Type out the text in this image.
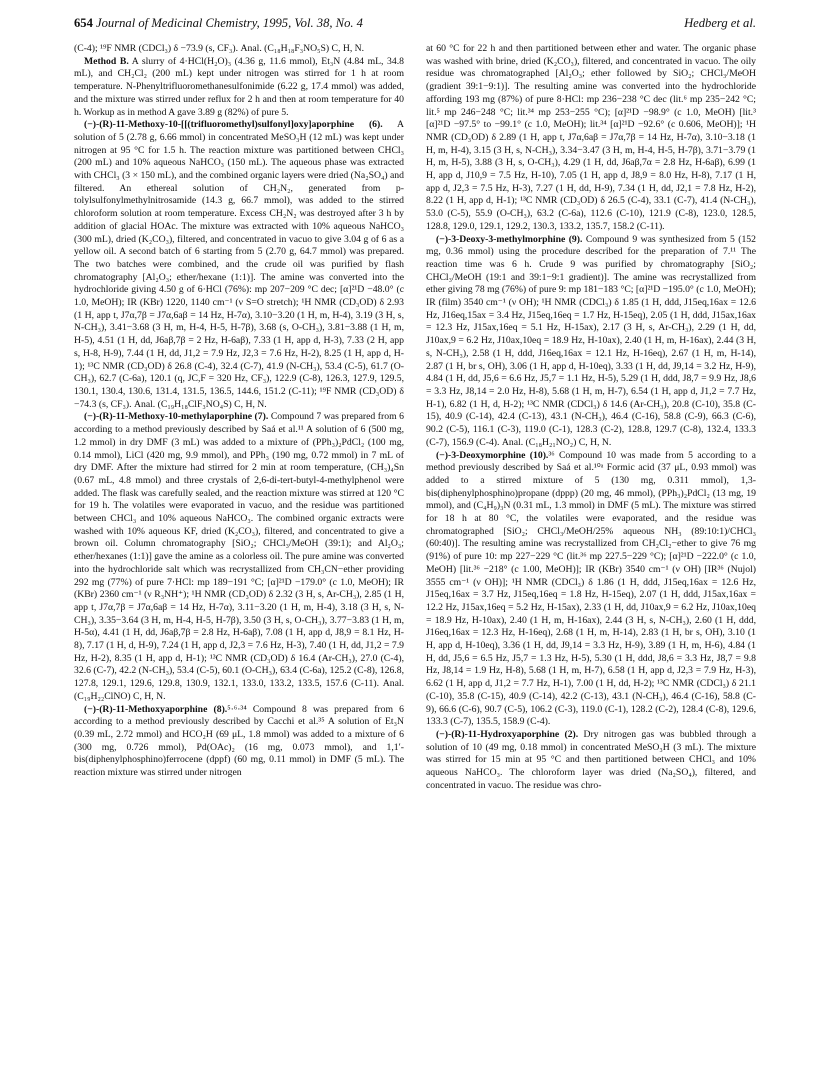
654 Journal of Medicinal Chemistry, 1995, Vol. 38, No. 4	Hedberg et al.

(C-4); ¹⁹F NMR (CDCl₃) δ −73.9 (s, CF₃). Anal. (C₁₈H₁₈F₃NO₅S) C, H, N.

Method B. A slurry of 4·HCl(H₂O)₃ (4.36 g, 11.6 mmol), Et₃N (4.84 mL, 34.8 mL), and CH₂Cl₂ (200 mL) kept under nitrogen was stirred for 1 h at room temperature. N-Phenyltrifluoromethanesulfonimide (6.22 g, 17.4 mmol) was added, and the mixture was stirred under reflux for 2 h and then at room temperature for 40 h. Workup as in method A gave 3.89 g (82%) of pure 5.

(−)-(R)-11-Methoxy-10-[[(trifluoromethyl)sulfonyl]oxy]aporphine (6). A solution of 5 (2.78 g, 6.66 mmol) in concentrated MeSO₃H (12 mL) was kept under nitrogen at 95 °C for 1.5 h. The reaction mixture was partitioned between CHCl₃ (200 mL) and 10% aqueous NaHCO₃ (150 mL). The aqueous phase was extracted with CHCl₃ (3 × 150 mL), and the combined organic layers were dried (Na₂SO₄) and filtered. An ethereal solution of CH₂N₂, generated from p-tolylsulfonylmethylnitrosamide (14.3 g, 66.7 mmol), was added to the stirred chloroform solution at room temperature. Excess CH₂N₂ was destroyed after 3 h by addition of glacial HOAc. The mixture was extracted with 10% aqueous NaHCO₃ (300 mL), dried (K₂CO₃), filtered, and concentrated in vacuo to give 3.04 g of 6 as a yellow oil. A second batch of 6 starting from 5 (2.70 g, 64.7 mmol) was prepared. The two batches were combined, and the crude oil was purified by flash chromatography [Al₂O₃; ether/hexane (1:1)]. The amine was converted into the hydrochloride giving 4.50 g of 6·HCl (76%): mp 207−209 °C dec; [α]²¹D −48.0° (c 1.0, MeOH); IR (KBr) 1220, 1140 cm⁻¹ (ν S=O stretch); ¹H NMR (CD₃OD) δ 2.93 (1 H, app t, J7α,7β = J7α,6aβ = 14 Hz, H-7α), 3.10−3.20 (1 H, m, H-4), 3.19 (3 H, s, N-CH₃), 3.41−3.68 (3 H, m, H-4, H-5, H-7β), 3.68 (s, O-CH₃), 3.81−3.88 (1 H, m, H-5), 4.51 (1 H, dd, J6aβ,7β = 2 Hz, H-6aβ), 7.33 (1 H, app d, H-3), 7.33 (2 H, app s, H-8, H-9), 7.44 (1 H, dd, J1,2 = 7.9 Hz, J2,3 = 7.6 Hz, H-2), 8.25 (1 H, app d, H-1); ¹³C NMR (CD₃OD) δ 26.8 (C-4), 32.4 (C-7), 41.9 (N-CH₃), 53.4 (C-5), 61.7 (O-CH₃), 62.7 (C-6a), 120.1 (q, JC,F = 320 Hz, CF₃), 122.9 (C-8), 126.3, 127.9, 129.5, 130.1, 130.4, 130.6, 131.4, 131.5, 136.5, 144.6, 151.2 (C-11); ¹⁹F NMR (CD₃OD) δ −74.3 (s, CF₃). Anal. (C₁₉H₁₈ClF₃NO₄S) C, H, N.

(−)-(R)-11-Methoxy-10-methylaporphine (7). Compound 7 was prepared from 6 according to a method previously described by Saá et al.¹¹ A solution of 6 (500 mg, 1.2 mmol) in dry DMF (3 mL) was added to a mixture of (PPh₃)₂PdCl₂ (100 mg, 0.14 mmol), LiCl (420 mg, 9.9 mmol), and PPh₃ (190 mg, 0.72 mmol) in 7 mL of dry DMF. After the mixture had stirred for 2 min at room temperature, (CH₃)₄Sn (0.67 mL, 4.8 mmol) and three crystals of 2,6-di-tert-butyl-4-methylphenol were added. The flask was carefully sealed, and the reaction mixture was stirred at 120 °C for 19 h. The volatiles were evaporated in vacuo, and the residue was partitioned between CHCl₃ and 10% aqueous NaHCO₃. The combined organic extracts were washed with 10% aqueous KF, dried (K₂CO₃), filtered, and concentrated to give a brown oil. Column chromatography [SiO₂; CHCl₃/MeOH (39:1); and Al₂O₃; ether/hexanes (1:1)] gave the amine as a colorless oil. The pure amine was converted into the hydrochloride salt which was recrystallized from CH₃CN−ether providing 292 mg (77%) of pure 7·HCl: mp 189−191 °C; [α]²¹D −179.0° (c 1.0, MeOH); IR (KBr) 2360 cm⁻¹ (ν R₃NH⁺); ¹H NMR (CD₃OD) δ 2.32 (3 H, s, Ar-CH₃), 2.85 (1 H, app t, J7α,7β = J7α,6aβ = 14 Hz, H-7α), 3.11−3.20 (1 H, m, H-4), 3.18 (3 H, s, N-CH₃), 3.35−3.64 (3 H, m, H-4, H-5, H-7β), 3.50 (3 H, s, O-CH₃), 3.77−3.83 (1 H, m, H-5α), 4.41 (1 H, dd, J6aβ,7β = 2.8 Hz, H-6aβ), 7.08 (1 H, app d, J8,9 = 8.1 Hz, H-8), 7.17 (1 H, d, H-9), 7.24 (1 H, app d, J2,3 = 7.6 Hz, H-3), 7.40 (1 H, dd, J1,2 = 7.9 Hz, H-2), 8.35 (1 H, app d, H-1); ¹³C NMR (CD₃OD) δ 16.4 (Ar-CH₃), 27.0 (C-4), 32.6 (C-7), 42.2 (N-CH₃), 53.4 (C-5), 60.1 (O-CH₃), 63.4 (C-6a), 125.2 (C-8), 126.8, 127.8, 129.1, 129.6, 129.8, 130.9, 132.1, 133.0, 133.2, 133.5, 157.6 (C-11). Anal. (C₁₉H₂₂ClNO) C, H, N.

(−)-(R)-11-Methoxyaporphine (8).⁵·⁶·³⁴ Compound 8 was prepared from 6 according to a method previously described by Cacchi et al.³⁵ A solution of Et₃N (0.39 mL, 2.72 mmol) and HCO₂H (69 μL, 1.8 mmol) was added to a mixture of 6 (300 mg, 0.726 mmol), Pd(OAc)₂ (16 mg, 0.073 mmol), and 1,1′-bis(diphenylphosphino)ferrocene (dppf) (60 mg, 0.11 mmol) in DMF (5 mL). The reaction mixture was stirred under nitrogen

at 60 °C for 22 h and then partitioned between ether and water. The organic phase was washed with brine, dried (K₂CO₃), filtered, and concentrated in vacuo. The oily residue was chromatographed [Al₂O₃; ether followed by SiO₂; CHCl₃/MeOH (gradient 39:1−9:1)]. The resulting amine was converted into the hydrochloride affording 193 mg (87%) of pure 8·HCl: mp 236−238 °C dec (lit.⁶ mp 235−242 °C; lit.⁵ mp 246−248 °C; lit.³⁴ mp 253−255 °C); [α]²¹D −98.9° (c 1.0, MeOH) [lit.³ [α]²¹D −97.5° to −99.1° (c 1.0, MeOH); lit.³⁴ [α]²¹D −92.6° (c 0.606, MeOH)]; ¹H NMR (CD₃OD) δ 2.89 (1 H, app t, J7α,6aβ = J7α,7β = 14 Hz, H-7α), 3.10−3.18 (1 H, m, H-4), 3.15 (3 H, s, N-CH₃), 3.34−3.47 (3 H, m, H-4, H-5, H-7β), 3.71−3.79 (1 H, m, H-5), 3.88 (3 H, s, O-CH₃), 4.29 (1 H, dd, J6aβ,7α = 2.8 Hz, H-6aβ), 6.99 (1 H, app d, J10,9 = 7.5 Hz, H-10), 7.05 (1 H, app d, J8,9 = 8.0 Hz, H-8), 7.17 (1 H, app d, J2,3 = 7.5 Hz, H-3), 7.27 (1 H, dd, H-9), 7.34 (1 H, dd, J2,1 = 7.8 Hz, H-2), 8.22 (1 H, app d, H-1); ¹³C NMR (CD₃OD) δ 26.5 (C-4), 33.1 (C-7), 41.4 (N-CH₃), 53.0 (C-5), 55.9 (O-CH₃), 63.2 (C-6a), 112.6 (C-10), 121.9 (C-8), 123.0, 128.5, 128.8, 129.0, 129.1, 129.2, 130.3, 133.2, 135.7, 158.2 (C-11).

(−)-3-Deoxy-3-methylmorphine (9). Compound 9 was synthesized from 5 (152 mg, 0.36 mmol) using the procedure described for the preparation of 7.¹¹ The reaction time was 6 h. Crude 9 was purified by chromatography [SiO₂; CHCl₃/MeOH (19:1 and 39:1−9:1 gradient)]. The amine was recrystallized from ether giving 78 mg (76%) of pure 9: mp 181−183 °C; [α]²¹D −195.0° (c 1.0, MeOH); IR (film) 3540 cm⁻¹ (ν OH); ¹H NMR (CDCl₃) δ 1.85 (1 H, ddd, J15eq,16ax = 12.6 Hz, J16eq,15ax = 3.4 Hz, J15eq,16eq = 1.7 Hz, H-15eq), 2.05 (1 H, ddd, J15ax,16ax = 12.3 Hz, J15ax,16eq = 5.1 Hz, H-15ax), 2.17 (3 H, s, Ar-CH₃), 2.29 (1 H, dd, J10ax,9 = 6.2 Hz, J10ax,10eq = 18.9 Hz, H-10ax), 2.40 (1 H, m, H-16ax), 2.44 (3 H, s, N-CH₃), 2.58 (1 H, ddd, J16eq,16ax = 12.1 Hz, H-16eq), 2.67 (1 H, m, H-14), 2.87 (1 H, br s, OH), 3.06 (1 H, app d, H-10eq), 3.33 (1 H, dd, J9,14 = 3.2 Hz, H-9), 4.84 (1 H, dd, J5,6 = 6.6 Hz, J5,7 = 1.1 Hz, H-5), 5.29 (1 H, ddd, J8,7 = 9.9 Hz, J8,6 = 3.3 Hz, J8,14 = 2.0 Hz, H-8), 5.68 (1 H, m, H-7), 6.54 (1 H, app d, J1,2 = 7.7 Hz, H-1), 6.82 (1 H, d, H-2); ¹³C NMR (CDCl₃) δ 14.6 (Ar-CH₃), 20.8 (C-10), 35.8 (C-15), 40.9 (C-14), 42.4 (C-13), 43.1 (N-CH₃), 46.4 (C-16), 58.8 (C-9), 66.3 (C-6), 90.2 (C-5), 116.1 (C-3), 119.0 (C-1), 128.3 (C-2), 128.8, 129.7 (C-8), 132.4, 133.3 (C-7), 156.9 (C-4). Anal. (C₁₈H₂₁NO₂) C, H, N.

(−)-3-Deoxymorphine (10).³⁶ Compound 10 was made from 5 according to a method previously described by Saá et al.¹⁰ᵃ Formic acid (37 μL, 0.93 mmol) was added to a stirred mixture of 5 (130 mg, 0.311 mmol), 1,3-bis(diphenylphosphino)propane (dppp) (20 mg, 46 mmol), (PPh₃)₂PdCl₂ (13 mg, 19 mmol), and (C₄H₉)₃N (0.31 mL, 1.3 mmol) in DMF (5 mL). The mixture was stirred for 18 h at 80 °C, the volatiles were evaporated, and the residue was chromatographed [SiO₂; CHCl₃/MeOH/25% aqueous NH₃ (89:10:1)/CHCl₃ (60:40)]. The resulting amine was recrystallized from CH₂Cl₂−ether to give 76 mg (91%) of pure 10: mp 227−229 °C (lit.³⁶ mp 227.5−229 °C); [α]²¹D −222.0° (c 1.0, MeOH) [lit.³⁶ −218° (c 1.00, MeOH)]; IR (KBr) 3540 cm⁻¹ (ν OH) [IR³⁶ (Nujol) 3555 cm⁻¹ (ν OH)]; ¹H NMR (CDCl₃) δ 1.86 (1 H, ddd, J15eq,16ax = 12.6 Hz, J15eq,16ax = 3.7 Hz, J15eq,16eq = 1.8 Hz, H-15eq), 2.07 (1 H, ddd, J15ax,16ax = 12.2 Hz, J15ax,16eq = 5.2 Hz, H-15ax), 2.33 (1 H, dd, J10ax,9 = 6.2 Hz, J10ax,10eq = 18.9 Hz, H-10ax), 2.40 (1 H, m, H-16ax), 2.44 (3 H, s, N-CH₃), 2.60 (1 H, ddd, J16eq,16ax = 12.3 Hz, H-16eq), 2.68 (1 H, m, H-14), 2.83 (1 H, br s, OH), 3.10 (1 H, app d, H-10eq), 3.36 (1 H, dd, J9,14 = 3.3 Hz, H-9), 3.89 (1 H, m, H-6), 4.84 (1 H, dd, J5,6 = 6.5 Hz, J5,7 = 1.3 Hz, H-5), 5.30 (1 H, ddd, J8,6 = 3.3 Hz, J8,7 = 9.8 Hz, J8,14 = 1.9 Hz, H-8), 5.68 (1 H, m, H-7), 6.58 (1 H, app d, J2,3 = 7.9 Hz, H-3), 6.62 (1 H, app d, J1,2 = 7.7 Hz, H-1), 7.00 (1 H, dd, H-2); ¹³C NMR (CDCl₃) δ 21.1 (C-10), 35.8 (C-15), 40.9 (C-14), 42.2 (C-13), 43.1 (N-CH₃), 46.4 (C-16), 58.8 (C-9), 66.6 (C-6), 90.7 (C-5), 106.2 (C-3), 119.0 (C-1), 128.2 (C-2), 128.4 (C-8), 129.6, 133.3 (C-7), 135.5, 158.9 (C-4).

(−)-(R)-11-Hydroxyaporphine (2). Dry nitrogen gas was bubbled through a solution of 10 (49 mg, 0.18 mmol) in concentrated MeSO₃H (3 mL). The mixture was stirred for 15 min at 95 °C and then partitioned between CHCl₃ and 10% aqueous NaHCO₃. The chloroform layer was dried (Na₂SO₄), filtered, and concentrated in vacuo. The residue was chro-
